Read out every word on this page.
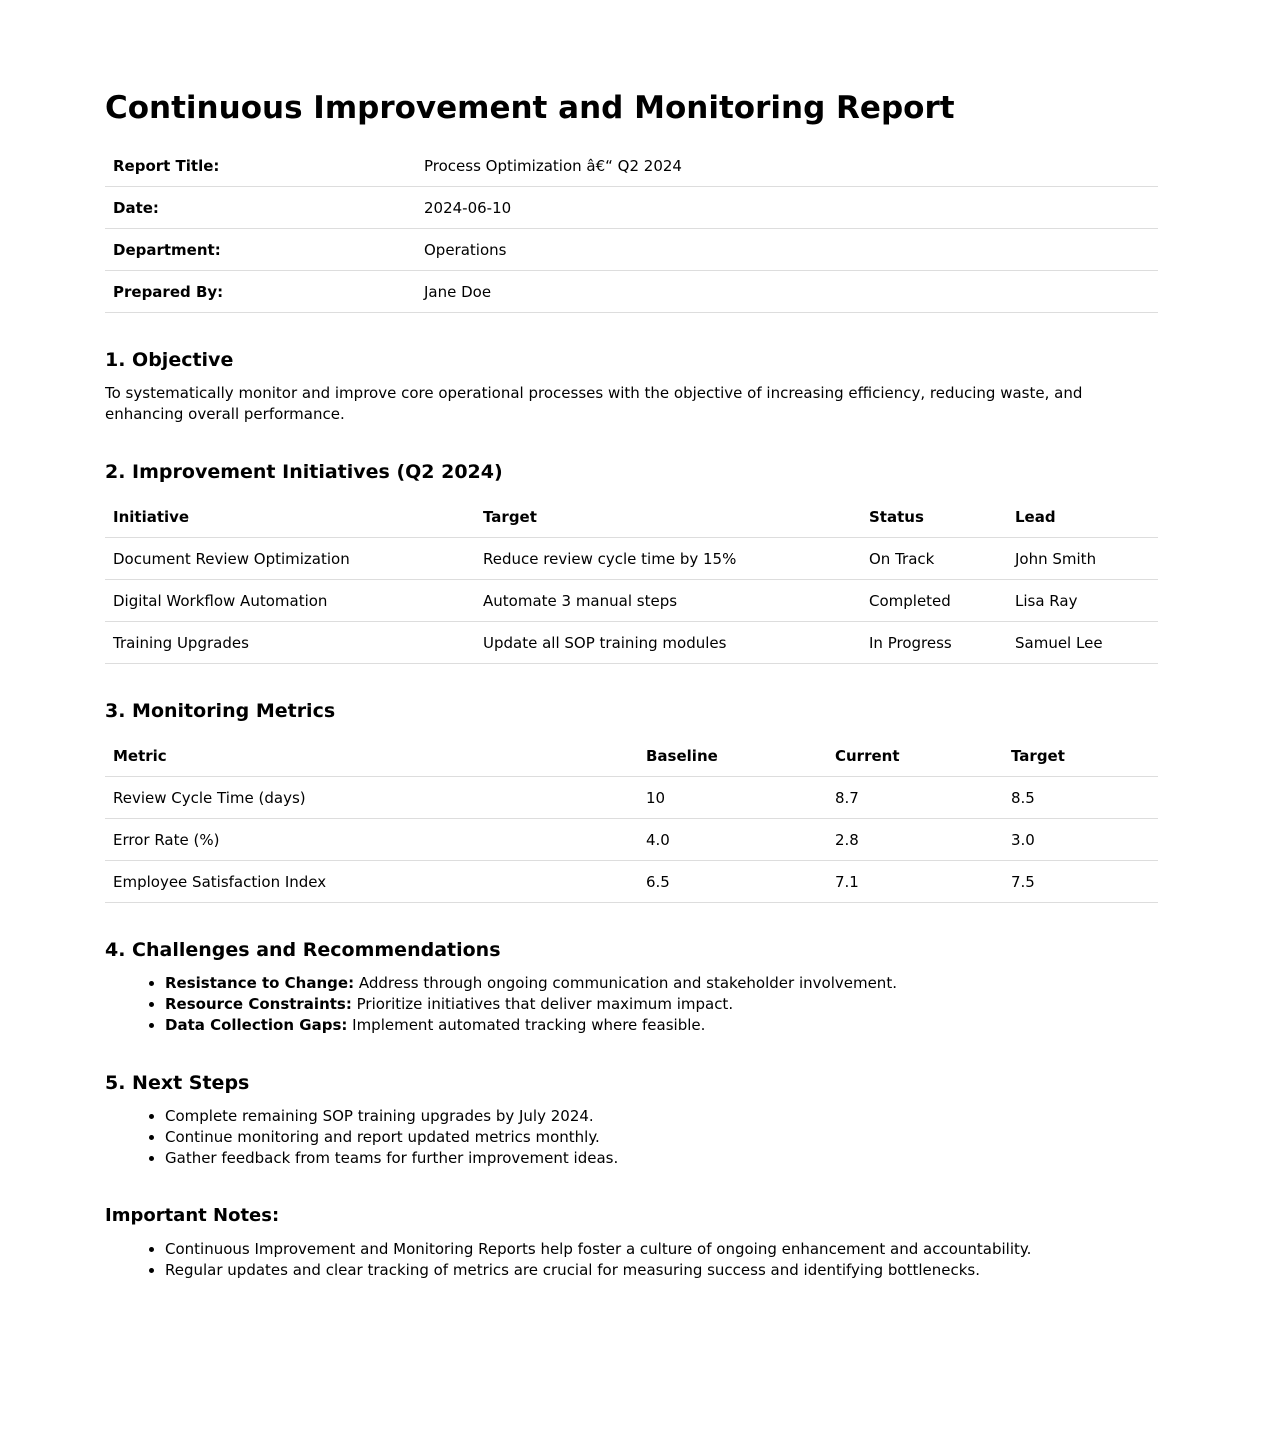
Continuous Improvement and Monitoring Report
Report Title:	Process Optimization â€“ Q2 2024
Date:	2024-06-10
Department:	Operations
Prepared By:	Jane Doe
1. Objective

To systematically monitor and improve core operational processes with the objective of increasing efficiency, reducing waste, and enhancing overall performance.

2. Improvement Initiatives (Q2 2024)
Initiative	Target	Status	Lead
Document Review Optimization	Reduce review cycle time by 15%	On Track	John Smith
Digital Workflow Automation	Automate 3 manual steps	Completed	Lisa Ray
Training Upgrades	Update all SOP training modules	In Progress	Samuel Lee
3. Monitoring Metrics
Metric	Baseline	Current	Target
Review Cycle Time (days)	10	8.7	8.5
Error Rate (%)	4.0	2.8	3.0
Employee Satisfaction Index	6.5	7.1	7.5
4. Challenges and Recommendations
• Resistance to Change: Address through ongoing communication and stakeholder involvement.
• Resource Constraints: Prioritize initiatives that deliver maximum impact.
• Data Collection Gaps: Implement automated tracking where feasible.
5. Next Steps
• Complete remaining SOP training upgrades by July 2024.
• Continue monitoring and report updated metrics monthly.
• Gather feedback from teams for further improvement ideas.
Important Notes:
• Continuous Improvement and Monitoring Reports help foster a culture of ongoing enhancement and accountability.
• Regular updates and clear tracking of metrics are crucial for measuring success and identifying bottlenecks.
